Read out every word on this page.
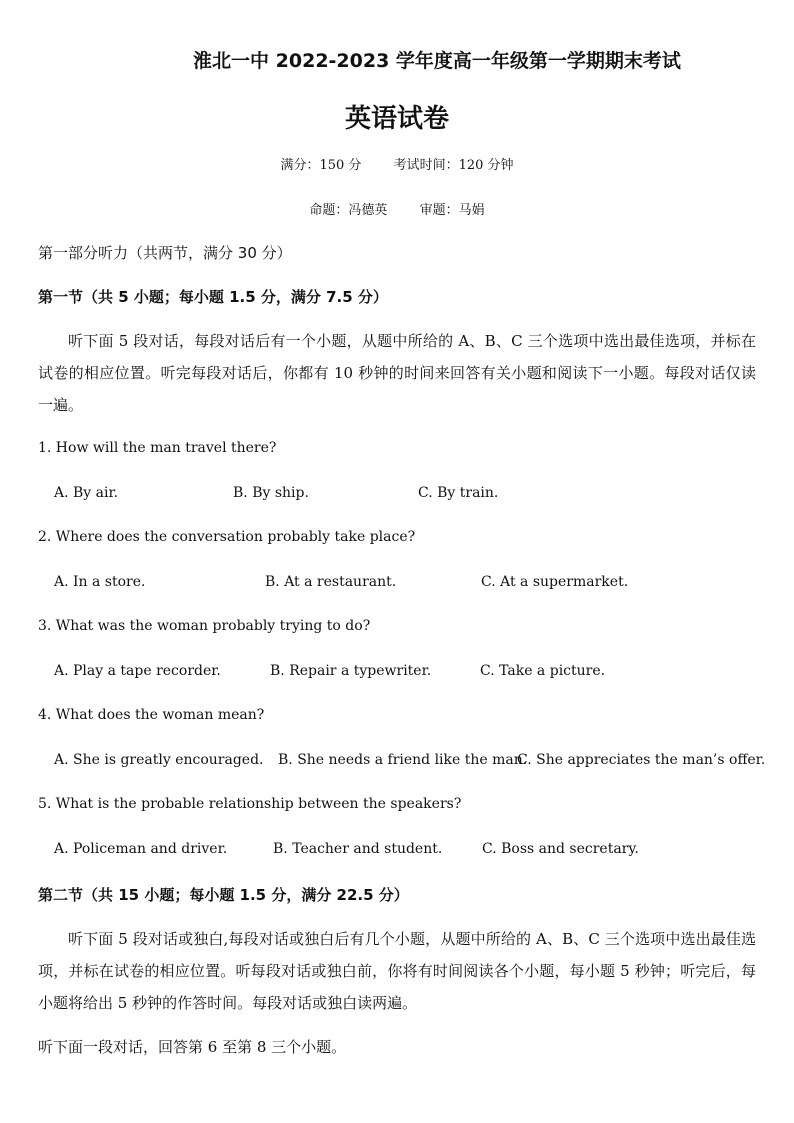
淮北一中 2022-2023 学年度高一年级第一学期期末考试
英语试卷
满分：150 分 考试时间：120 分钟
命题：冯德英 审题：马娟
第一部分听力（共两节，满分 30 分）
第一节（共 5 小题；每小题 1.5 分，满分 7.5 分）
听下面 5 段对话，每段对话后有一个小题，从题中所给的 A、B、C 三个选项中选出最佳选项，并标在试卷的相应位置。听完每段对话后，你都有 10 秒钟的时间来回答有关小题和阅读下一小题。每段对话仅读一遍。
1. How will the man travel there?
A. By air.	B. By ship.	C. By train.
2. Where does the conversation probably take place?
A. In a store.	B. At a restaurant.	C. At a supermarket.
3. What was the woman probably trying to do?
A. Play a tape recorder.	B. Repair a typewriter.	C. Take a picture.
4. What does the woman mean?
A. She is greatly encouraged. B. She needs a friend like the man.
C. She appreciates the man’s offer.
5. What is the probable relationship between the speakers?
A. Policeman and driver.	B. Teacher and student.	C. Boss and secretary.
第二节（共 15 小题；每小题 1.5 分，满分 22.5 分）
听下面 5 段对话或独白,每段对话或独白后有几个小题，从题中所给的 A、B、C 三个选项中选出最佳选项，并标在试卷的相应位置。听每段对话或独白前，你将有时间阅读各个小题，每小题 5 秒钟；听完后，每小题将给出 5 秒钟的作答时间。每段对话或独白读两遍。
听下面一段对话，回答第 6 至第 8 三个小题。
